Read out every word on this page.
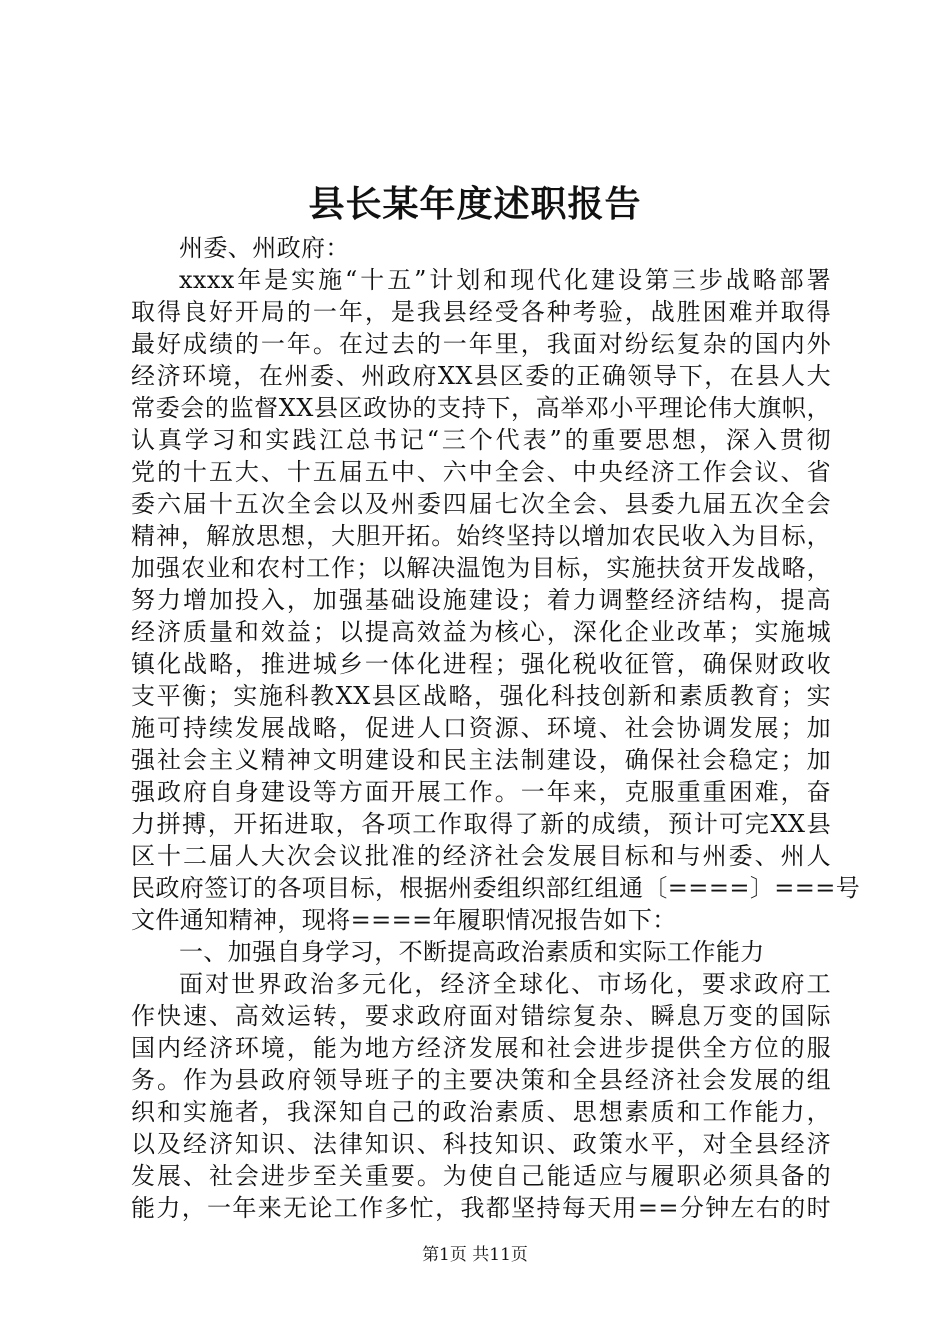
县长某年度述职报告
州委、州政府：
xxxx年是实施“十五”计划和现代化建设第三步战略部署
取得良好开局的一年，是我县经受各种考验，战胜困难并取得
最好成绩的一年。在过去的一年里，我面对纷纭复杂的国内外
经济环境，在州委、州政府XX县区委的正确领导下，在县人大
常委会的监督XX县区政协的支持下，高举邓小平理论伟大旗帜，
认真学习和实践江总书记“三个代表”的重要思想，深入贯彻
党的十五大、十五届五中、六中全会、中央经济工作会议、省
委六届十五次全会以及州委四届七次全会、县委九届五次全会
精神，解放思想，大胆开拓。始终坚持以增加农民收入为目标，
加强农业和农村工作；以解决温饱为目标，实施扶贫开发战略，
努力增加投入，加强基础设施建设；着力调整经济结构，提高
经济质量和效益；以提高效益为核心，深化企业改革；实施城
镇化战略，推进城乡一体化进程；强化税收征管，确保财政收
支平衡；实施科教XX县区战略，强化科技创新和素质教育；实
施可持续发展战略，促进人口资源、环境、社会协调发展；加
强社会主义精神文明建设和民主法制建设，确保社会稳定；加
强政府自身建设等方面开展工作。一年来，克服重重困难，奋
力拼搏，开拓进取，各项工作取得了新的成绩，预计可完XX县
区十二届人大次会议批准的经济社会发展目标和与州委、州人
民政府签订的各项目标，根据州委组织部红组通〔====〕===号
文件通知精神，现将====年履职情况报告如下：
一、加强自身学习，不断提高政治素质和实际工作能力
面对世界政治多元化，经济全球化、市场化，要求政府工
作快速、高效运转，要求政府面对错综复杂、瞬息万变的国际
国内经济环境，能为地方经济发展和社会进步提供全方位的服
务。作为县政府领导班子的主要决策和全县经济社会发展的组
织和实施者，我深知自己的政治素质、思想素质和工作能力，
以及经济知识、法律知识、科技知识、政策水平，对全县经济
发展、社会进步至关重要。为使自己能适应与履职必须具备的
能力，一年来无论工作多忙，我都坚持每天用==分钟左右的时
第1页 共11页
